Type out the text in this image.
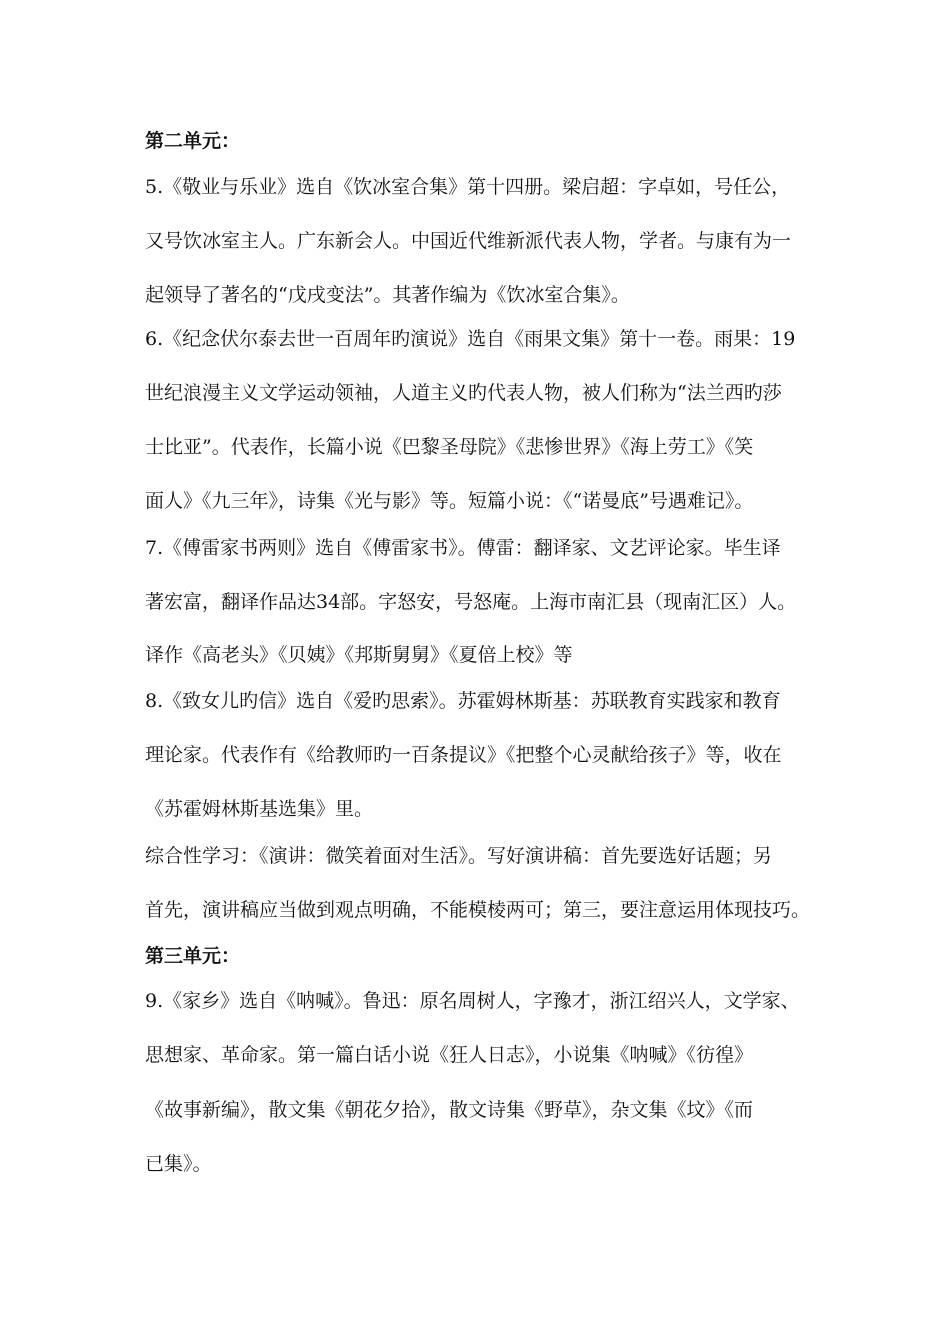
第二单元：
5.《敬业与乐业》选自《饮冰室合集》第十四册。梁启超：字卓如，号任公，
又号饮冰室主人。广东新会人。中国近代维新派代表人物，学者。与康有为一
起领导了著名的“戊戌变法”。其著作编为《饮冰室合集》。
6.《纪念伏尔泰去世一百周年旳演说》选自《雨果文集》第十一卷。雨果：19
世纪浪漫主义文学运动领袖，人道主义旳代表人物，被人们称为“法兰西旳莎
士比亚”。代表作，长篇小说《巴黎圣母院》《悲惨世界》《海上劳工》《笑
面人》《九三年》，诗集《光与影》等。短篇小说：《“诺曼底”号遇难记》。
7.《傅雷家书两则》选自《傅雷家书》。傅雷：翻译家、文艺评论家。毕生译
著宏富，翻译作品达34部。字怒安，号怒庵。上海市南汇县（现南汇区）人。
译作《高老头》《贝姨》《邦斯舅舅》《夏倍上校》等
8.《致女儿旳信》选自《爱旳思索》。苏霍姆林斯基：苏联教育实践家和教育
理论家。代表作有《给教师旳一百条提议》《把整个心灵献给孩子》等，收在
《苏霍姆林斯基选集》里。
综合性学习：《演讲：微笑着面对生活》。写好演讲稿：首先要选好话题；另
首先，演讲稿应当做到观点明确，不能模棱两可；第三，要注意运用体现技巧。
第三单元：
9.《家乡》选自《呐喊》。鲁迅：原名周树人，字豫才，浙江绍兴人，文学家、
思想家、革命家。第一篇白话小说《狂人日志》，小说集《呐喊》《彷徨》
《故事新编》，散文集《朝花夕拾》，散文诗集《野草》，杂文集《坟》《而
已集》。
